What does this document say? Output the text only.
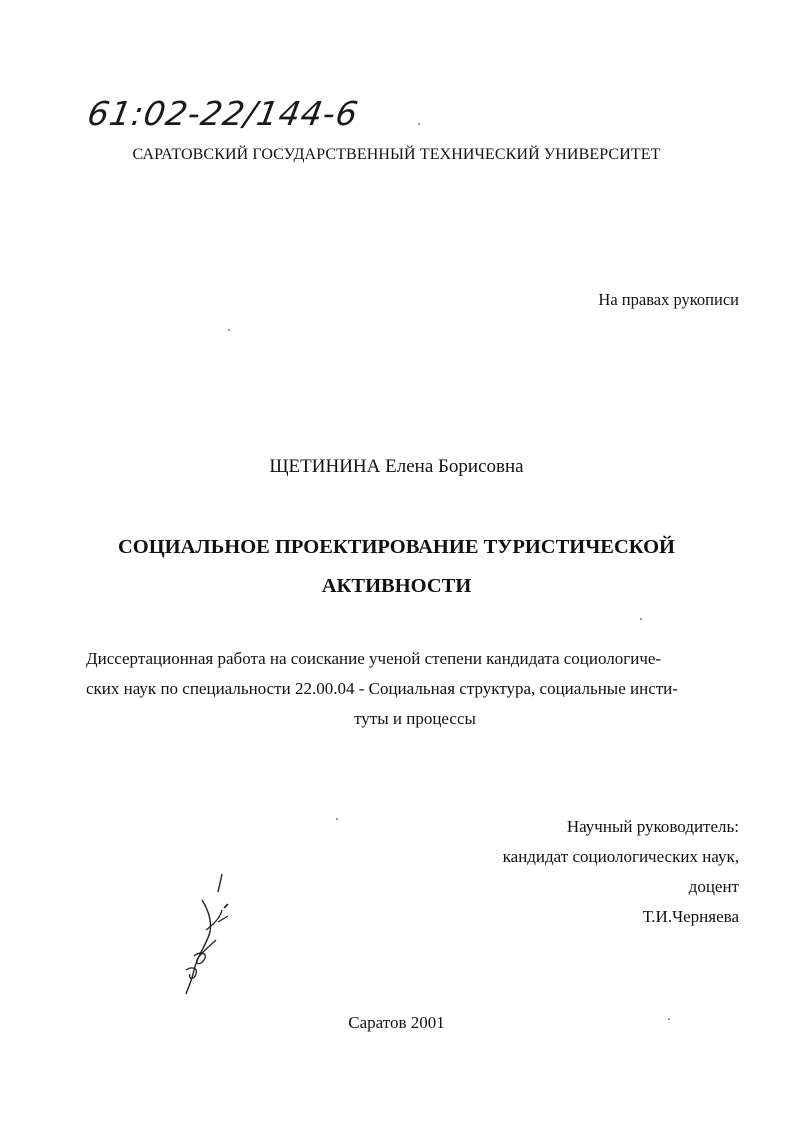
61:02-22/144-6
САРАТОВСКИЙ ГОСУДАРСТВЕННЫЙ ТЕХНИЧЕСКИЙ УНИВЕРСИТЕТ
На правах рукописи
ЩЕТИНИНА Елена Борисовна
СОЦИАЛЬНОЕ ПРОЕКТИРОВАНИЕ ТУРИСТИЧЕСКОЙ
АКТИВНОСТИ
Диссертационная работа на соискание ученой степени кандидата социологиче-
ских наук по специальности 22.00.04 - Социальная структура, социальные инсти-
туты и процессы
Научный руководитель:
кандидат социологических наук,
доцент
Т.И.Черняева
Саратов 2001
